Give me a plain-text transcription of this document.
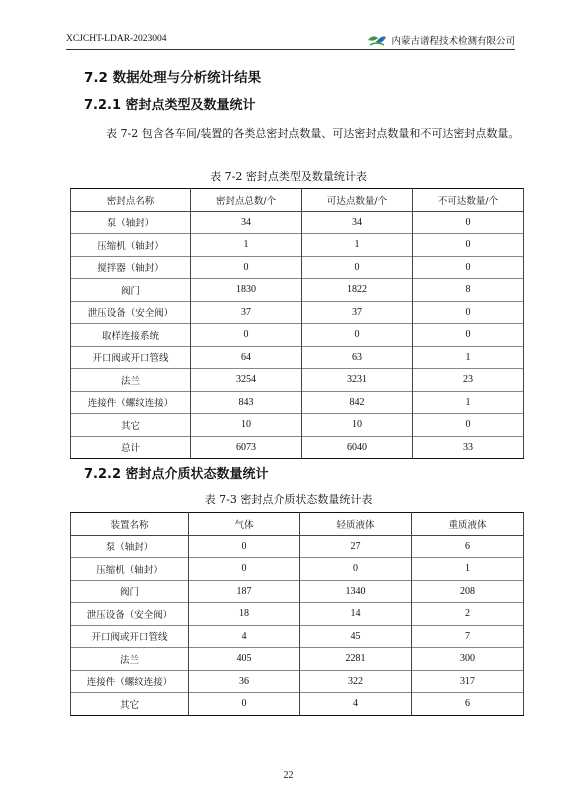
XCJCHT-LDAR-2023004	内蒙古谱程技术检测有限公司
7.2 数据处理与分析统计结果
7.2.1 密封点类型及数量统计
表 7-2 包含各车间/装置的各类总密封点数量、可达密封点数量和不可达密封点数量。
表 7-2 密封点类型及数量统计表
密封点名称	密封点总数/个	可达点数量/个	不可达数量/个
泵（轴封）	34	34	0
压缩机（轴封）	1	1	0
搅拌器（轴封）	0	0	0
阀门	1830	1822	8
泄压设备（安全阀）	37	37	0
取样连接系统	0	0	0
开口阀或开口管线	64	63	1
法兰	3254	3231	23
连接件（螺纹连接）	843	842	1
其它	10	10	0
总计	6073	6040	33
7.2.2 密封点介质状态数量统计
表 7-3 密封点介质状态数量统计表
装置名称	气体	轻质液体	重质液体
泵（轴封）	0	27	6
压缩机（轴封）	0	0	1
阀门	187	1340	208
泄压设备（安全阀）	18	14	2
开口阀或开口管线	4	45	7
法兰	405	2281	300
连接件（螺纹连接）	36	322	317
其它	0	4	6
22
